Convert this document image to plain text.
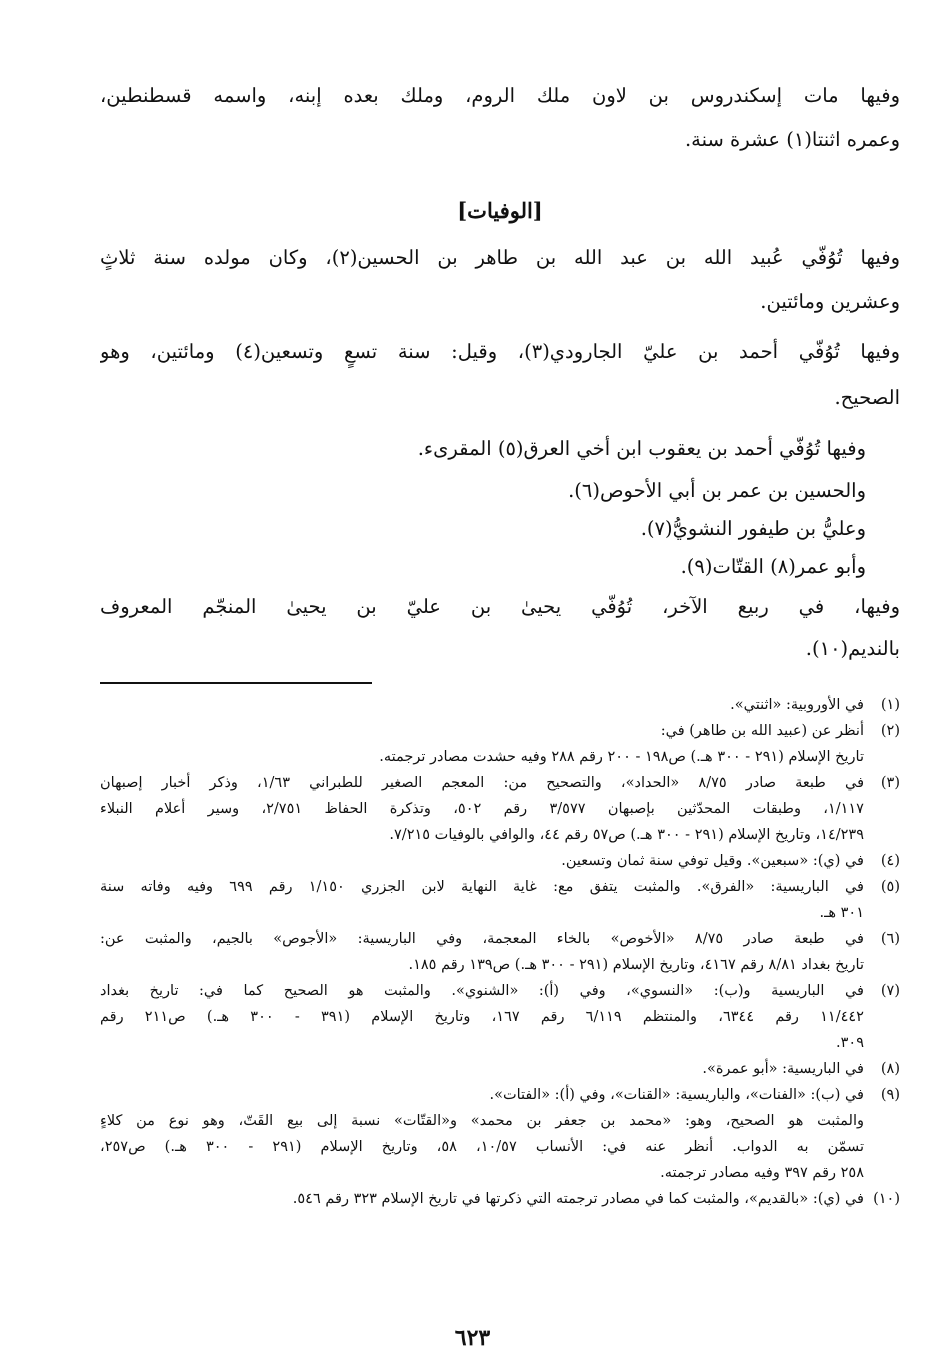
وفيها مات إسكندروس بن لاون ملك الروم، وملك بعده إبنه، واسمه قسطنطين،
وعمره اثنتا(١) عشرة سنة.
[الوفيات]
وفيها تُوُفّي عُبيد الله بن عبد الله بن طاهر بن الحسين(٢)، وكان مولده سنة ثلاثٍ
وعشرين ومائتين.
وفيها تُوُفّي أحمد بن عليّ الجارودي(٣)، وقيل: سنة تسعٍ وتسعين(٤) ومائتين، وهو
الصحيح.
وفيها تُوُفّي أحمد بن يعقوب ابن أخي العرق(٥) المقرىء.
والحسين بن عمر بن أبي الأحوص(٦).
وعليُّ بن طيفور النشويُّ(٧).
وأبو عمر(٨) القتّات(٩).
وفيها، في ربيع الآخر، تُوُفّي يحيىٰ بن عليّ بن يحيىٰ المنجّم المعروف
بالنديم(١٠).
(١)
في الأوروبية: «اثنتي».
(٢)
أنظر عن (عبيد الله بن طاهر) في:
تاريخ الإسلام (٢٩١ - ٣٠٠ هـ.) ص١٩٨ - ٢٠٠ رقم ٢٨٨ وفيه حشدت مصادر ترجمته.
(٣)
في طبعة صادر ٨/٧٥ «الحداد»، والتصحيح من: المعجم الصغير للطبراني ١/٦٣، وذكر أخبار إصبهان
١/١١٧، وطبقات المحدّثين بإصبهان ٣/٥٧٧ رقم ٥٠٢، وتذكرة الحفاظ ٢/٧٥١، وسير أعلام النبلاء
١٤/٢٣٩، وتاريخ الإسلام (٢٩١ - ٣٠٠ هـ.) ص٥٧ رقم ٤٤، والوافي بالوفيات ٧/٢١٥.
(٤)
في (ي): «سبعين». وقيل توفي سنة ثمان وتسعين.
(٥)
في الباريسية: «الفرق». والمثبت يتفق مع: غاية النهاية لابن الجزري ١/١٥٠ رقم ٦٩٩ وفيه وفاته سنة
٣٠١ هـ.
(٦)
في طبعة صادر ٨/٧٥ «الأخوص» بالخاء المعجمة، وفي الباريسية: «الأجوص» بالجيم، والمثبت عن:
تاريخ بغداد ٨/٨١ رقم ٤١٦٧، وتاريخ الإسلام (٢٩١ - ٣٠٠ هـ.) ص١٣٩ رقم ١٨٥.
(٧)
في الباريسية و(ب): «النسوي»، وفي (أ): «الشنوي». والمثبت هو الصحيح كما في: تاريخ بغداد
١١/٤٤٢ رقم ٦٣٤٤، والمنتظم ٦/١١٩ رقم ١٦٧، وتاريخ الإسلام (٣٩١ - ٣٠٠ هـ.) ص٢١١ رقم
٣٠٩.
(٨)
في الباريسية: «أبو عمرة».
(٩)
في (ب): «الفنات»، والباريسية: «القنات»، وفي (أ): «الفتات».
والمثبت هو الصحيح، وهو: «محمد بن جعفر بن محمد» و«القتّات» نسبة إلى بيع القَتّ، وهو نوع من كلاءٍ
تسمّن به الدواب. أنظر عنه في: الأنساب ١٠/٥٧، ٥٨، وتاريخ الإسلام (٢٩١ - ٣٠٠ هـ.) ص٢٥٧،
٢٥٨ رقم ٣٩٧ وفيه مصادر ترجمته.
(١٠)
في (ي): «بالقديم»، والمثبت كما في مصادر ترجمته التي ذكرتها في تاريخ الإسلام ٣٢٣ رقم ٥٤٦.
٦٢٣
